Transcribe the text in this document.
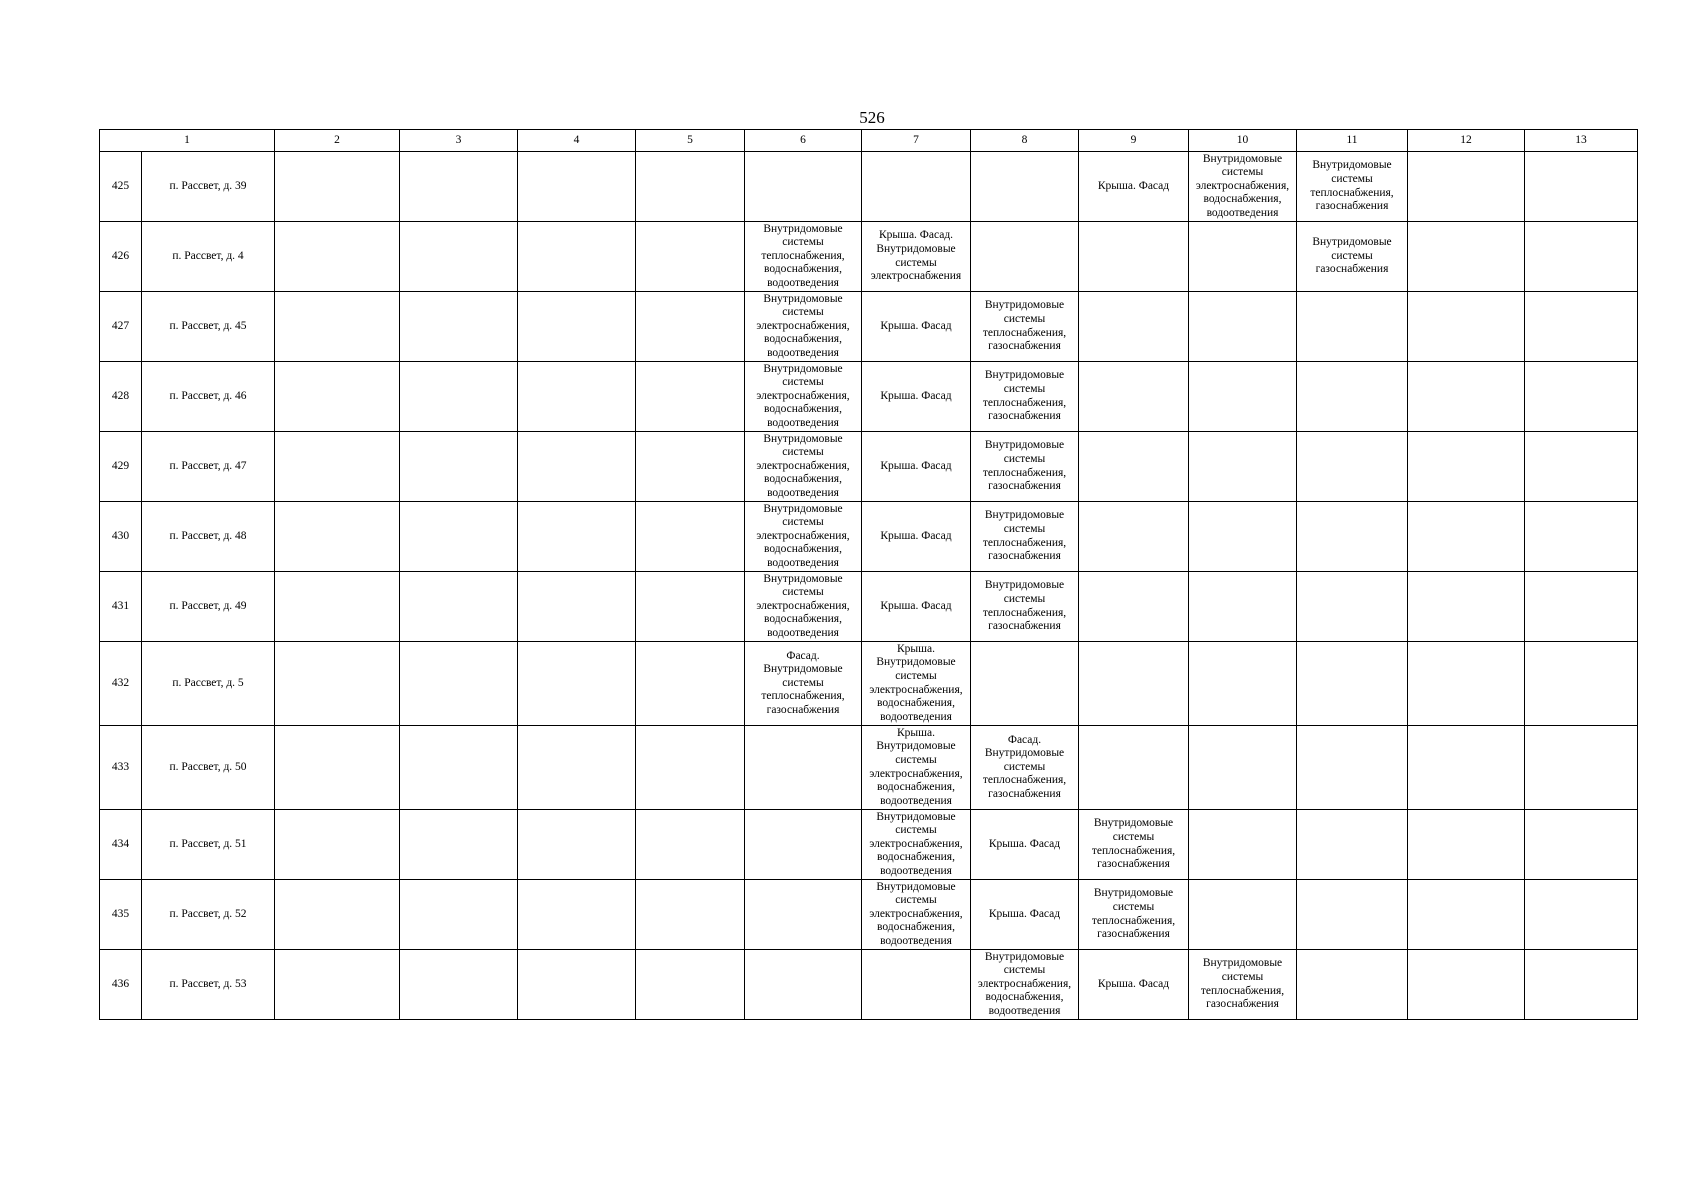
526
1		2	3	4	5	6	7	8	9	10	11	12	13
425	п. Рассвет, д. 39								Крыша. Фасад	Внутридомовые системы электроснабжения, водоснабжения, водоотведения	Внутридомовые системы теплоснабжения, газоснабжения		
426	п. Рассвет, д. 4					Внутридомовые системы теплоснабжения, водоснабжения, водоотведения	Крыша. Фасад. Внутридомовые системы электроснабжения				Внутридомовые системы газоснабжения		
427	п. Рассвет, д. 45					Внутридомовые системы электроснабжения, водоснабжения, водоотведения	Крыша. Фасад	Внутридомовые системы теплоснабжения, газоснабжения					
428	п. Рассвет, д. 46					Внутридомовые системы электроснабжения, водоснабжения, водоотведения	Крыша. Фасад	Внутридомовые системы теплоснабжения, газоснабжения					
429	п. Рассвет, д. 47					Внутридомовые системы электроснабжения, водоснабжения, водоотведения	Крыша. Фасад	Внутридомовые системы теплоснабжения, газоснабжения					
430	п. Рассвет, д. 48					Внутридомовые системы электроснабжения, водоснабжения, водоотведения	Крыша. Фасад	Внутридомовые системы теплоснабжения, газоснабжения					
431	п. Рассвет, д. 49					Внутридомовые системы электроснабжения, водоснабжения, водоотведения	Крыша. Фасад	Внутридомовые системы теплоснабжения, газоснабжения					
432	п. Рассвет, д. 5					Фасад. Внутридомовые системы теплоснабжения, газоснабжения	Крыша. Внутридомовые системы электроснабжения, водоснабжения, водоотведения						
433	п. Рассвет, д. 50						Крыша. Внутридомовые системы электроснабжения, водоснабжения, водоотведения	Фасад. Внутридомовые системы теплоснабжения, газоснабжения					
434	п. Рассвет, д. 51						Внутридомовые системы электроснабжения, водоснабжения, водоотведения	Крыша. Фасад	Внутридомовые системы теплоснабжения, газоснабжения				
435	п. Рассвет, д. 52						Внутридомовые системы электроснабжения, водоснабжения, водоотведения	Крыша. Фасад	Внутридомовые системы теплоснабжения, газоснабжения				
436	п. Рассвет, д. 53							Внутридомовые системы электроснабжения, водоснабжения, водоотведения	Крыша. Фасад	Внутридомовые системы теплоснабжения, газоснабжения			
